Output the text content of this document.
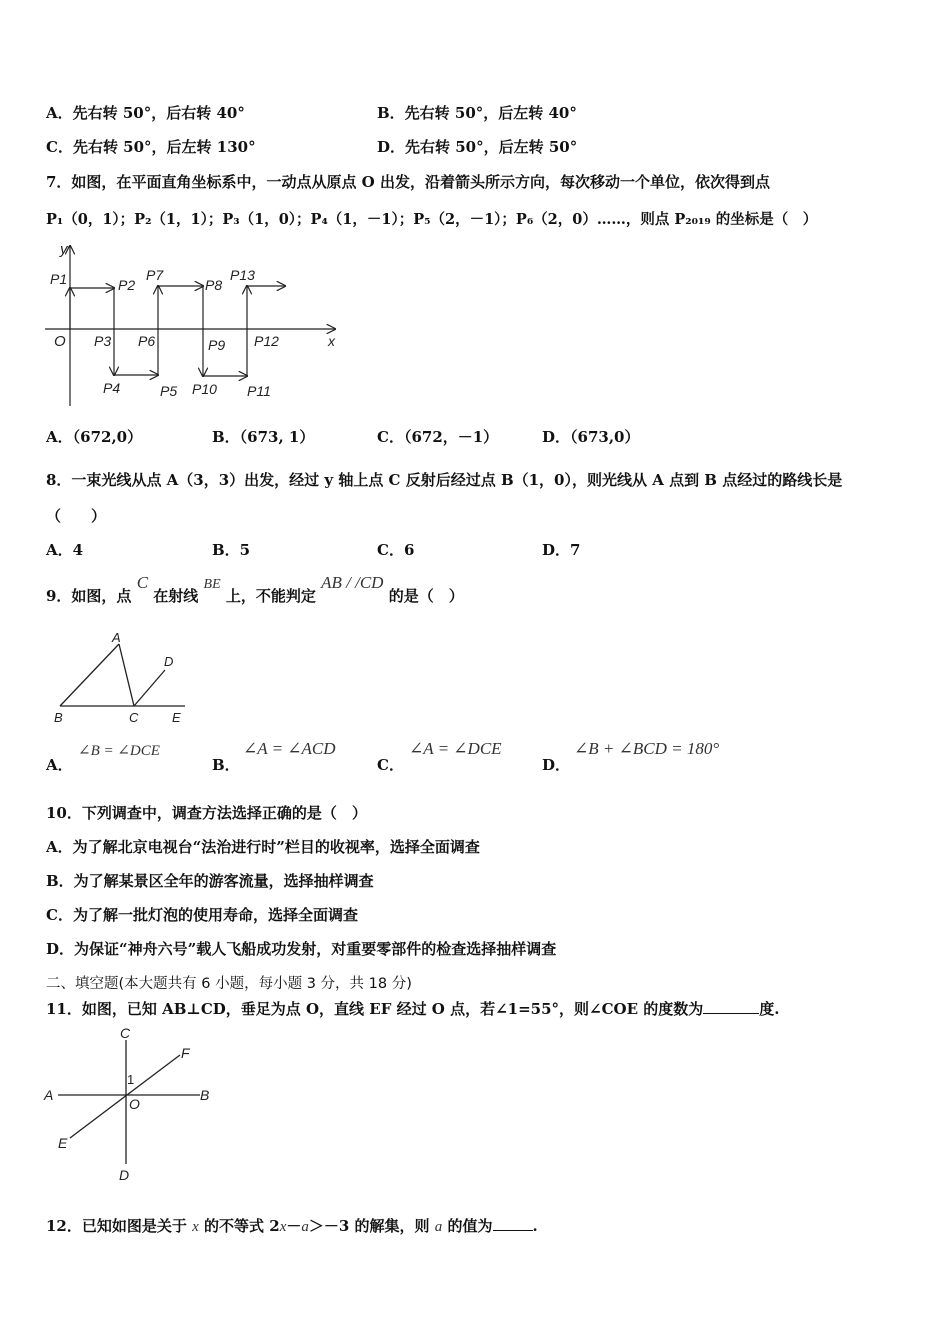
A．先右转 50°，后右转 40°	B．先右转 50°，后左转 40°
C．先右转 50°，后左转 130°	D．先右转 50°，后左转 50°
7．如图，在平面直角坐标系中，一动点从原点 O 出发，沿着箭头所示方向，每次移动一个单位，依次得到点
P₁（0，1）；P₂（1，1）；P₃（1，0）；P₄（1，－1）；P₅（2，－1）；P₆（2，0）……，则点 P₂₀₁₉ 的坐标是（　）
y
x
O
P1	P2
P3
P4	P5
P6
P7
P8
P9
P10 P11
P12
P13
A．（672,0）	B．（673, 1）	C．（672，－1）	D．（673,0）
8．一束光线从点 A（3，3）出发，经过 y 轴上点 C 反射后经过点 B（1，0），则光线从 A 点到 B 点经过的路线长是
（　　）
A．4	B．5	C．6	D．7
9．如图，点 C 在射线 BE 上，不能判定 AB / /CD 的是（　）
A
B	C
D
E
A．
∠B = ∠DCE
B．
∠A = ∠ACD
C．
∠A = ∠DCE
D．
∠B + ∠BCD = 180°
10．下列调查中，调查方法选择正确的是（　）
A．为了解北京电视台“法治进行时”栏目的收视率，选择全面调查
B．为了解某景区全年的游客流量，选择抽样调查
C．为了解一批灯泡的使用寿命，选择全面调查
D．为保证“神舟六号”载人飞船成功发射，对重要零部件的检查选择抽样调查
二、填空题(本大题共有 6 小题，每小题 3 分，共 18 分)
11．如图，已知 AB⊥CD，垂足为点 O，直线 EF 经过 O 点，若∠1=55°，则∠COE 的度数为	度.
C
A	B
F
E
D
O
1
12．已知如图是关于 x 的不等式 2x－a＞－3 的解集，则 a 的值为	.
